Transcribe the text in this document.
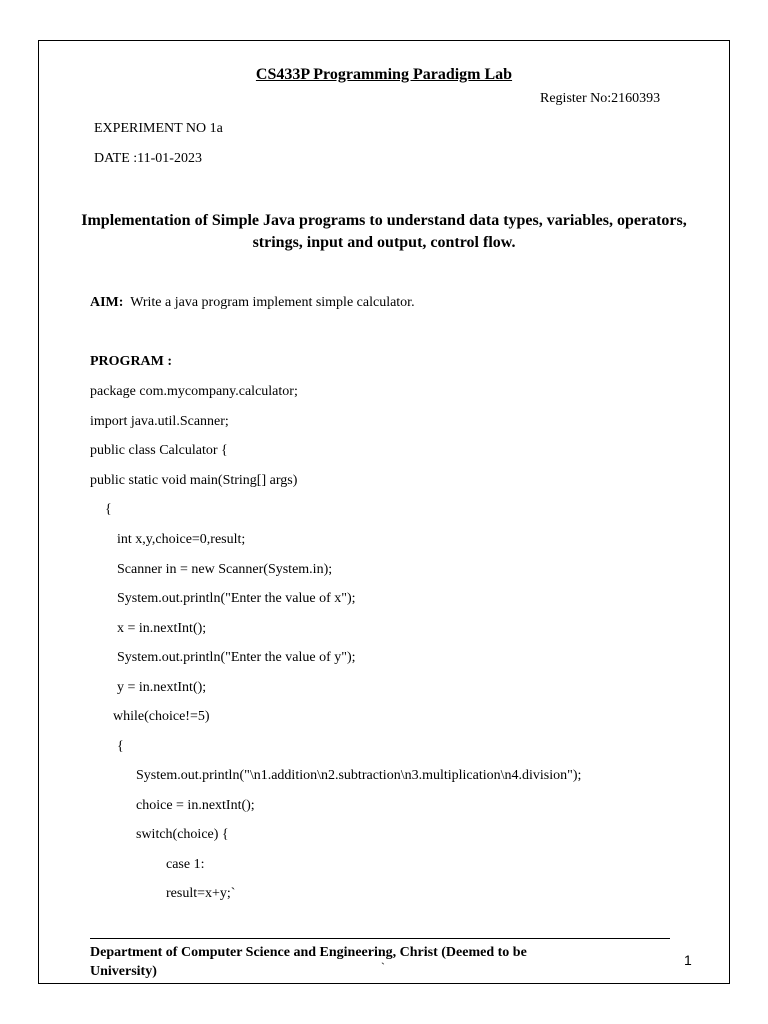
CS433P Programming Paradigm Lab
Register No:2160393
EXPERIMENT NO 1a
DATE :11-01-2023
Implementation of Simple Java programs to understand data types, variables, operators, strings, input and output, control flow.
AIM: Write a java program implement simple calculator.
PROGRAM :
package com.mycompany.calculator;
import java.util.Scanner;
public class Calculator {
public static void main(String[] args)
{
int x,y,choice=0,result;
Scanner in = new Scanner(System.in);
System.out.println("Enter the value of x");
x = in.nextInt();
System.out.println("Enter the value of y");
y = in.nextInt();
while(choice!=5)
{
System.out.println("\n1.addition\n2.subtraction\n3.multiplication\n4.division");
choice = in.nextInt();
switch(choice) {
case 1:
result=x+y;`
Department of Computer Science and Engineering, Christ (Deemed to be University)	`	1
